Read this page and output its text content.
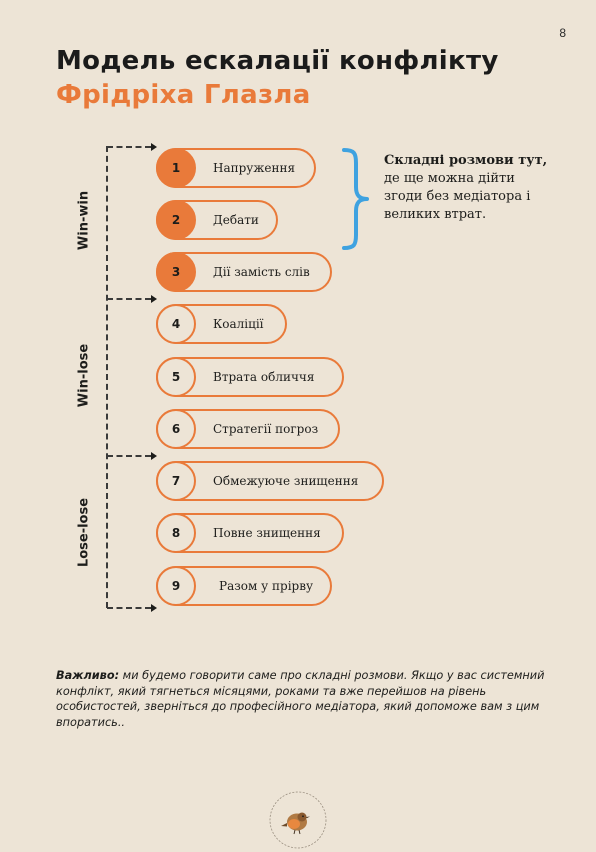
8
Модель ескалації конфлікту
Фрідріха Глазла
Win-win
Win-lose
Lose-lose
1	Напруження
2	Дебати
3	Дії замість слів
4	Коаліції
5	Втрата обличчя
6	Стратегії погроз
7	Обмежуюче знищення
8	Повне знищення
9	Разом у прірву

Складні розмови тут, де ще можна дійти згоди без медіатора і великих втрат.

Важливо: ми будемо говорити саме про складні розмови. Якщо у вас системний конфлікт, який тягнеться місяцями, роками та вже перейшов на рівень особистостей, зверніться до професійного медіатора, який допоможе вам з цим впоратись..
